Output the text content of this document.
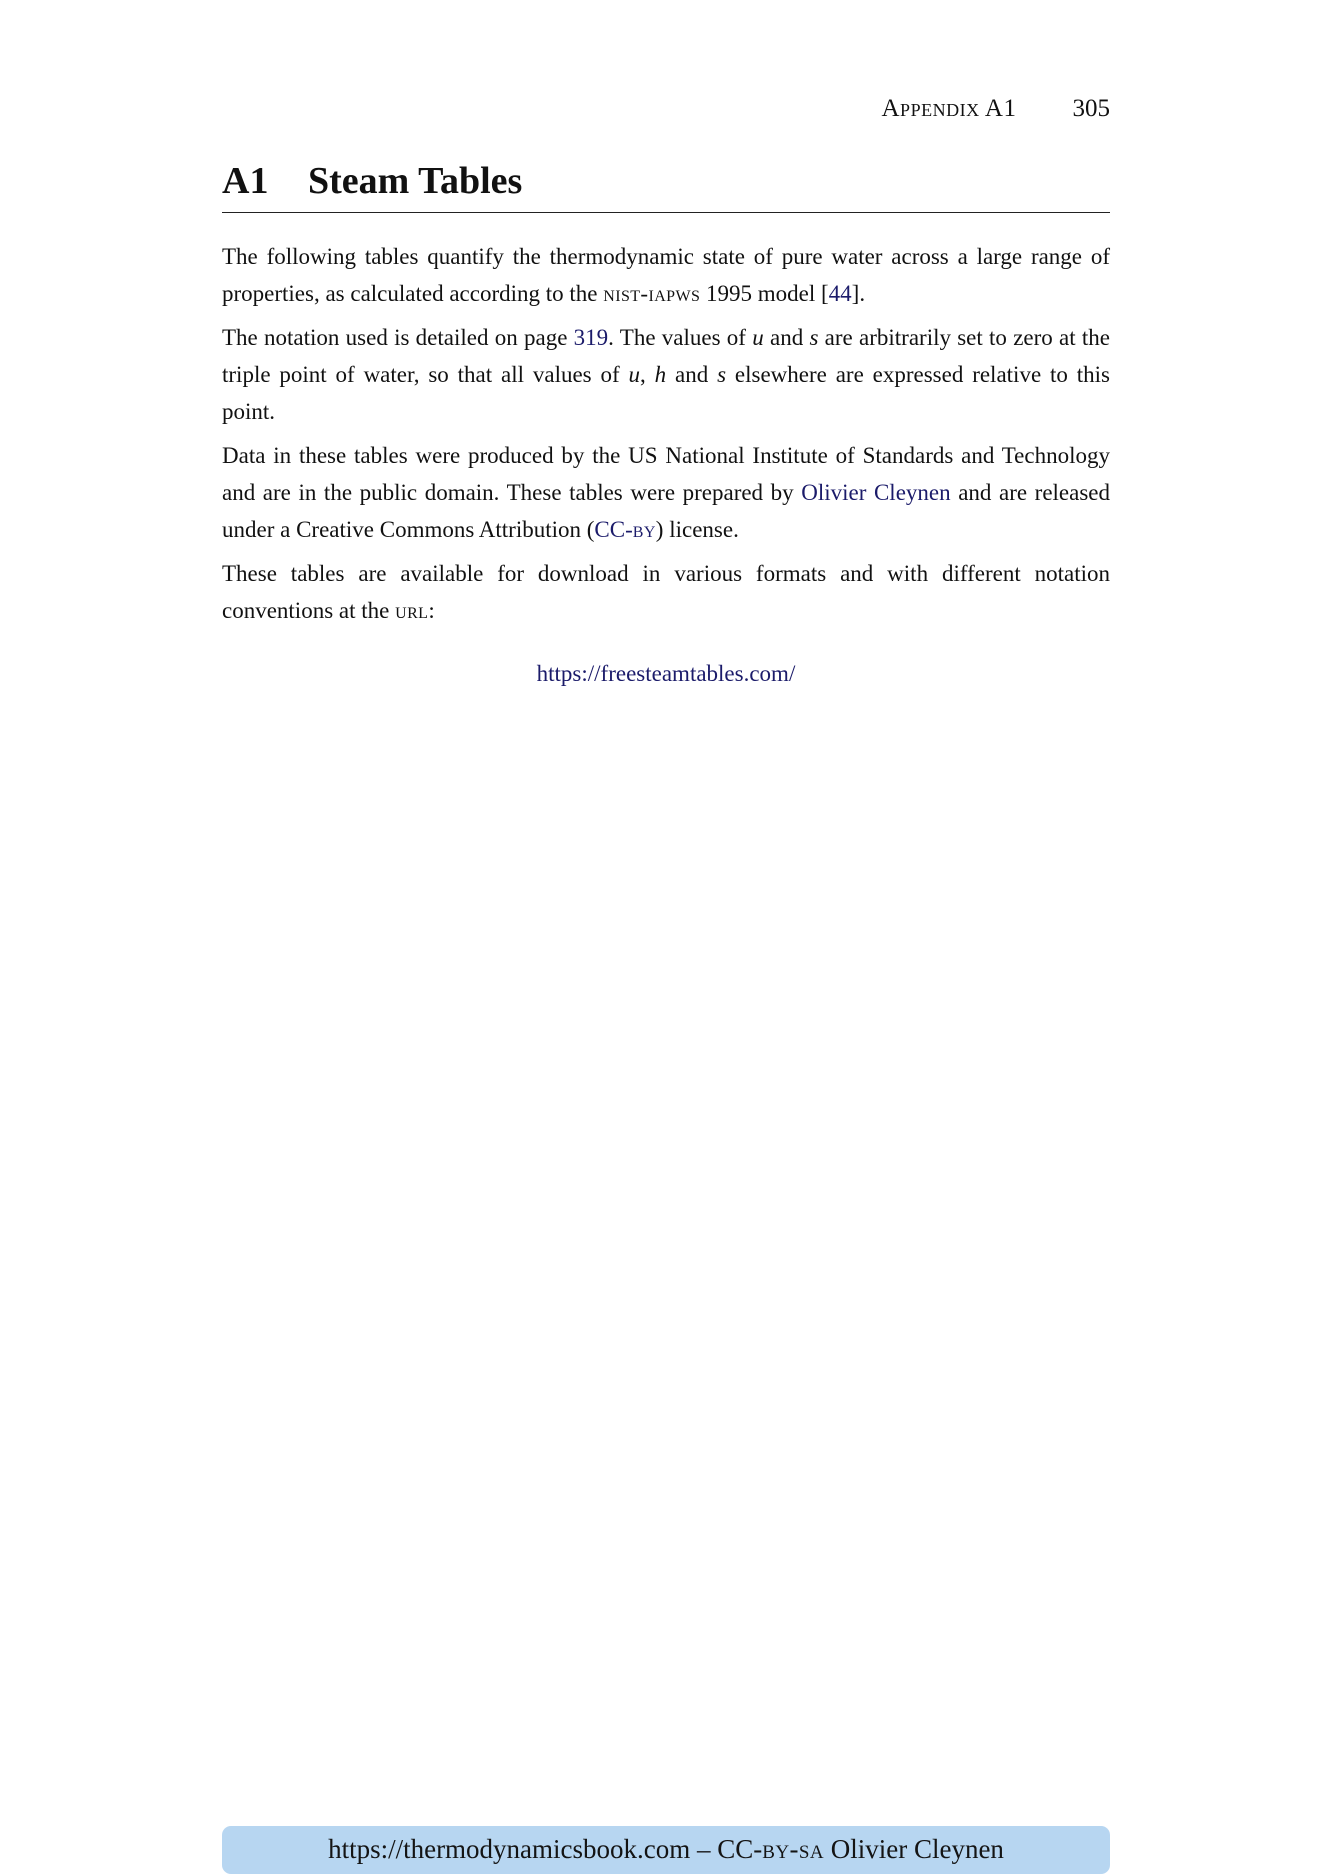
Appendix A1 305
A1 Steam Tables

The following tables quantify the thermodynamic state of pure water across a large range of properties, as calculated according to the nist-iapws 1995 model [44].

The notation used is detailed on page 319. The values of u and s are arbitrarily set to zero at the triple point of water, so that all values of u, h and s elsewhere are expressed relative to this point.

Data in these tables were produced by the US National Institute of Standards and Technology and are in the public domain. These tables were prepared by Olivier Cleynen and are released under a Creative Commons Attribution (CC-by) license.

These tables are available for download in various formats and with different notation conventions at the url:

https://freesteamtables.com/

https://thermodynamicsbook.com – CC-by-sa Olivier Cleynen
